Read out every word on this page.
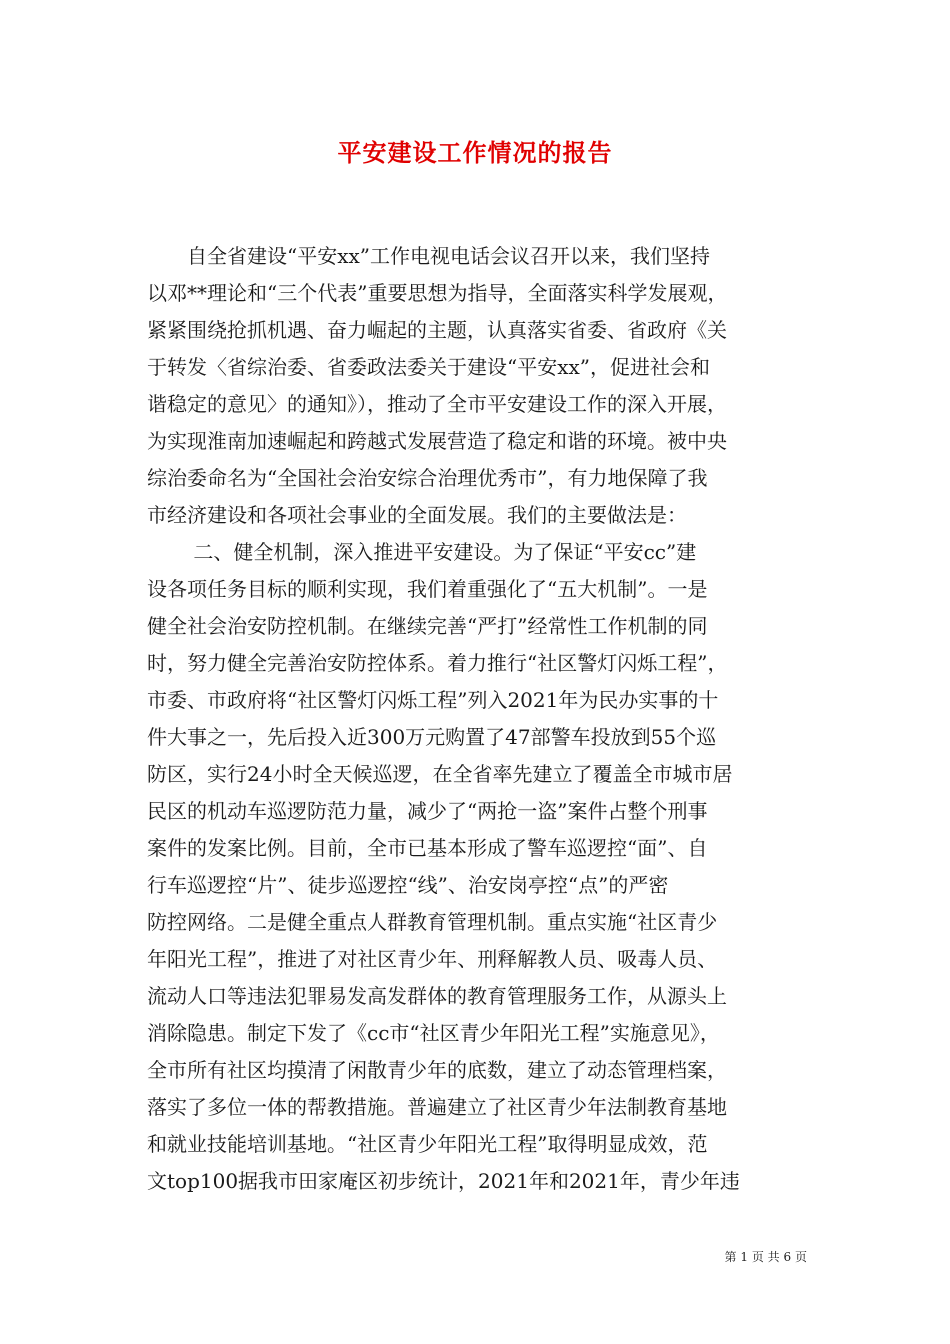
平安建设工作情况的报告
　　自全省建设“平安xx”工作电视电话会议召开以来，我们坚持
以邓**理论和“三个代表”重要思想为指导，全面落实科学发展观，
紧紧围绕抢抓机遇、奋力崛起的主题，认真落实省委、省政府《关
于转发〈省综治委、省委政法委关于建设“平安xx”，促进社会和
谐稳定的意见〉的通知》），推动了全市平安建设工作的深入开展，
为实现淮南加速崛起和跨越式发展营造了稳定和谐的环境。被中央
综治委命名为“全国社会治安综合治理优秀市”，有力地保障了我
市经济建设和各项社会事业的全面发展。我们的主要做法是：
　　 二、健全机制，深入推进平安建设。为了保证“平安cc”建
设各项任务目标的顺利实现，我们着重强化了“五大机制”。一是
健全社会治安防控机制。在继续完善“严打”经常性工作机制的同
时，努力健全完善治安防控体系。着力推行“社区警灯闪烁工程”，
市委、市政府将“社区警灯闪烁工程”列入2021年为民办实事的十
件大事之一，先后投入近300万元购置了47部警车投放到55个巡
防区，实行24小时全天候巡逻，在全省率先建立了覆盖全市城市居
民区的机动车巡逻防范力量，减少了“两抢一盗”案件占整个刑事
案件的发案比例。目前，全市已基本形成了警车巡逻控“面”、自
行车巡逻控“片”、徒步巡逻控“线”、治安岗亭控“点”的严密
防控网络。二是健全重点人群教育管理机制。重点实施“社区青少
年阳光工程”，推进了对社区青少年、刑释解教人员、吸毒人员、
流动人口等违法犯罪易发高发群体的教育管理服务工作，从源头上
消除隐患。制定下发了《cc市“社区青少年阳光工程”实施意见》，
全市所有社区均摸清了闲散青少年的底数，建立了动态管理档案，
落实了多位一体的帮教措施。普遍建立了社区青少年法制教育基地
和就业技能培训基地。“社区青少年阳光工程”取得明显成效，范
文top100据我市田家庵区初步统计，2021年和2021年，青少年违
第 1 页 共 6 页
